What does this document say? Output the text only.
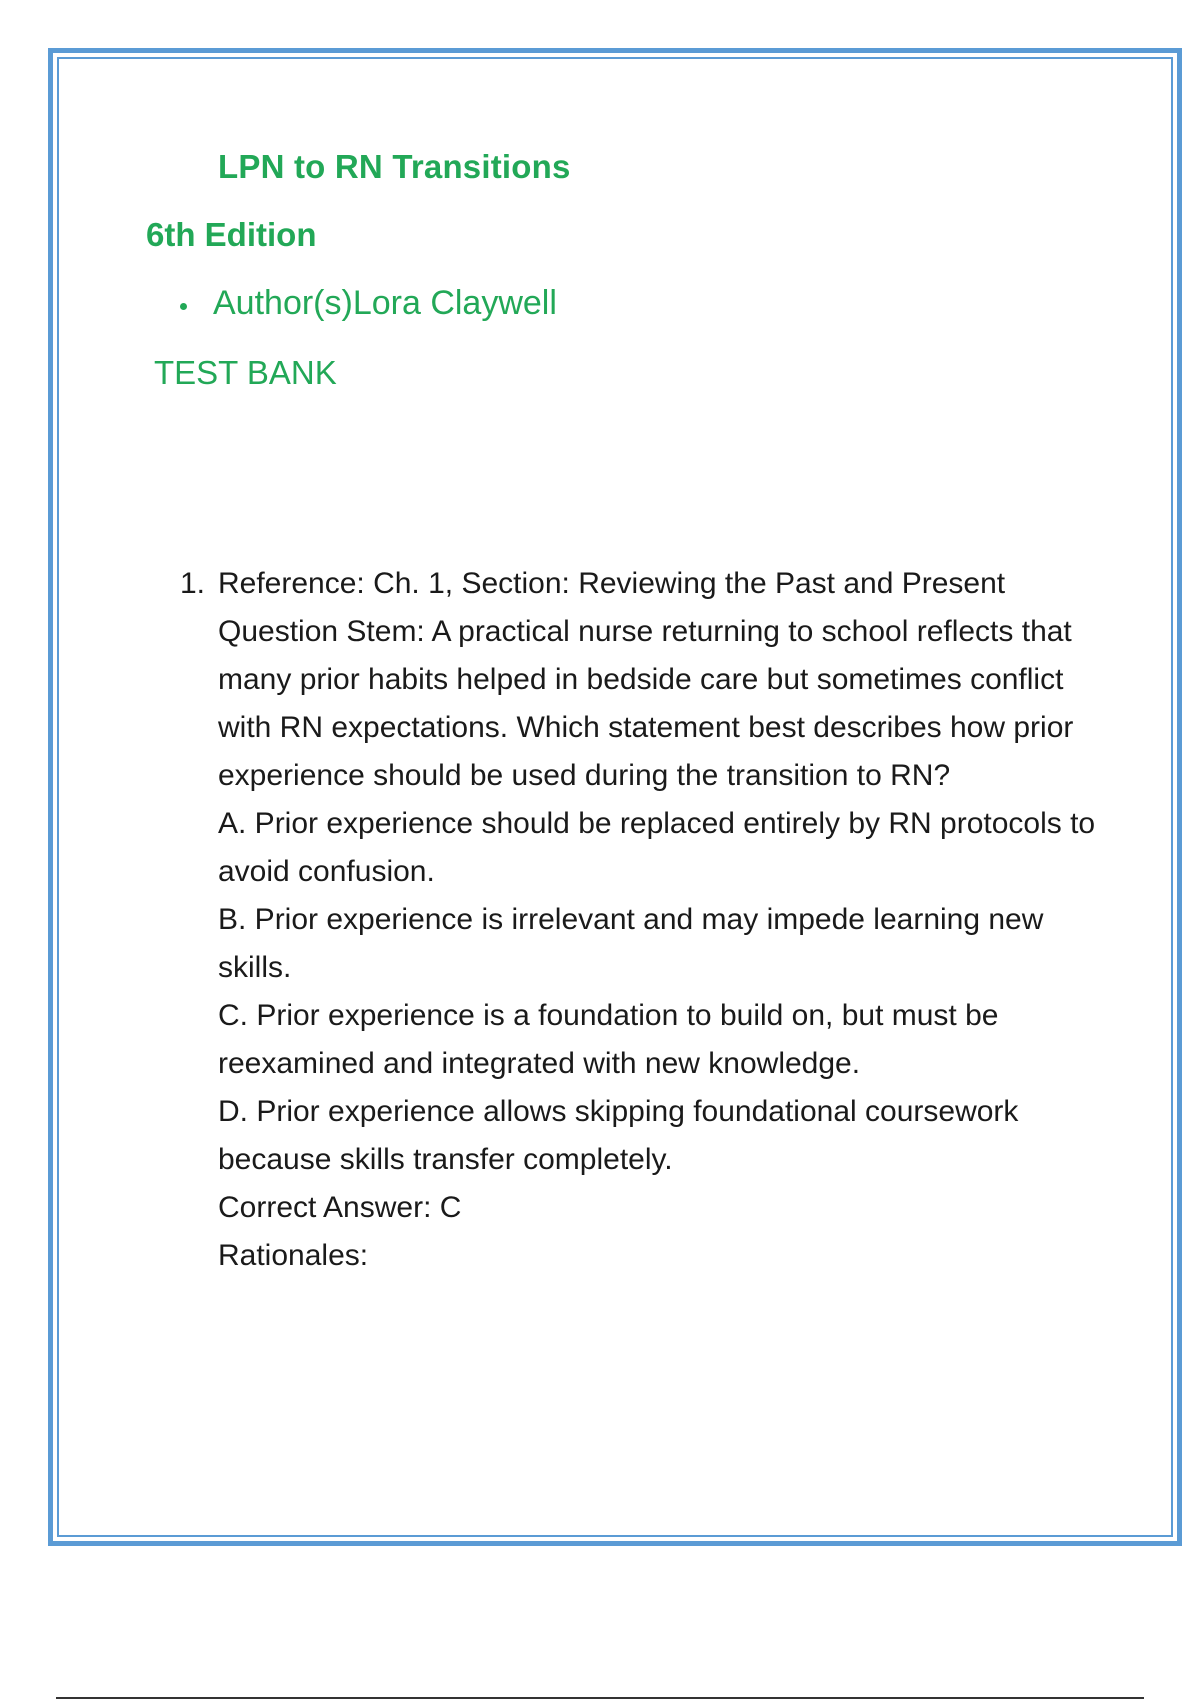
LPN to RN Transitions
6th Edition
Author(s)Lora Claywell
TEST BANK
1. Reference: Ch. 1, Section: Reviewing the Past and Present

Question Stem: A practical nurse returning to school reflects that many prior habits helped in bedside care but sometimes conflict with RN expectations. Which statement best describes how prior experience should be used during the transition to RN?

A. Prior experience should be replaced entirely by RN protocols to avoid confusion.

B. Prior experience is irrelevant and may impede learning new skills.

C. Prior experience is a foundation to build on, but must be reexamined and integrated with new knowledge.

D. Prior experience allows skipping foundational coursework because skills transfer completely.

Correct Answer: C

Rationales:
